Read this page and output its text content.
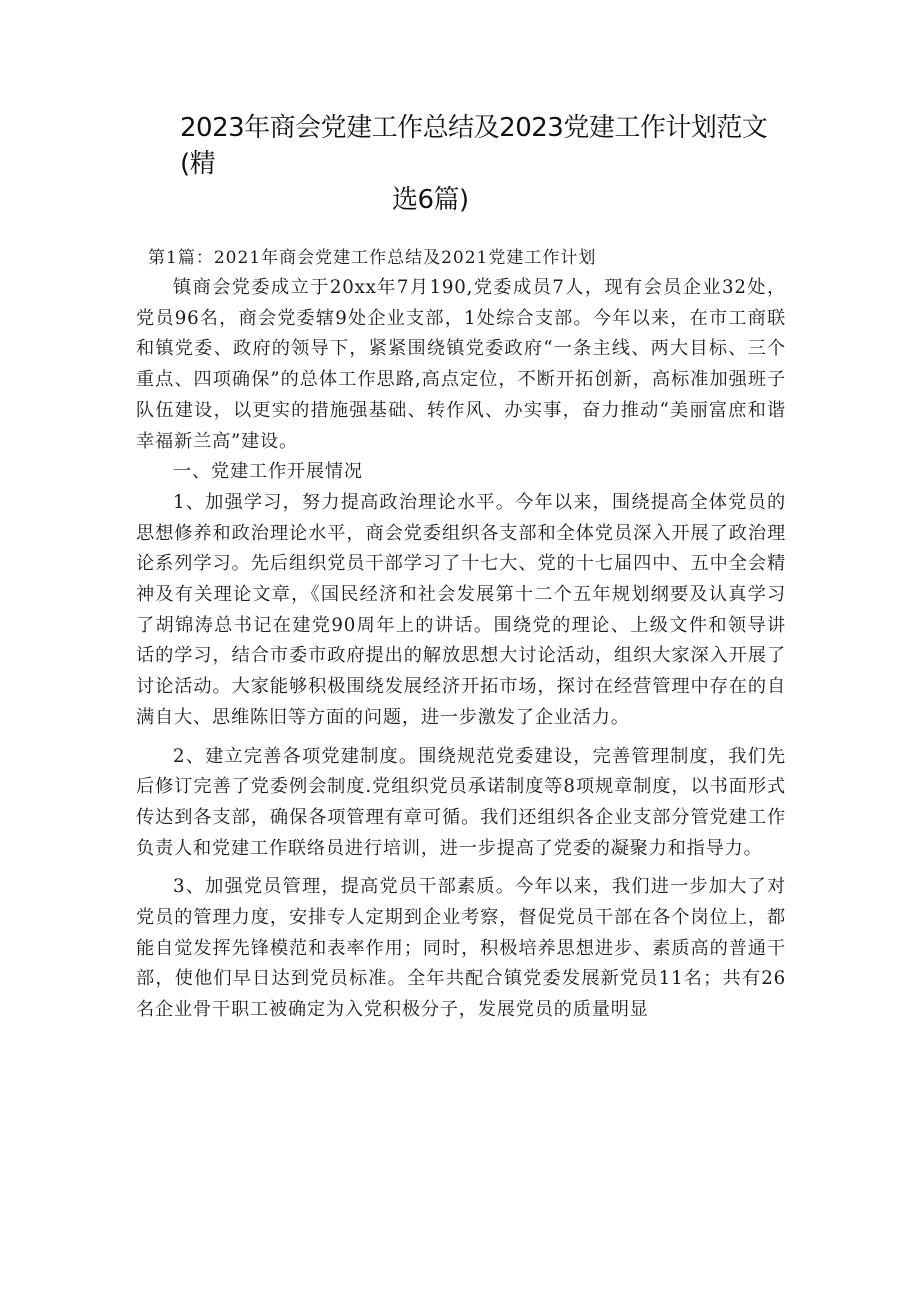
2023年商会党建工作总结及2023党建工作计划范文(精
选6篇)

第1篇：2021年商会党建工作总结及2021党建工作计划

镇商会党委成立于20xx年7月190,党委成员7人，现有会员企业32处，党员96名，商会党委辖9处企业支部，1处综合支部。今年以来，在市工商联和镇党委、政府的领导下，紧紧围绕镇党委政府“一条主线、两大目标、三个重点、四项确保”的总体工作思路,高点定位，不断开拓创新，高标准加强班子队伍建设，以更实的措施强基础、转作风、办实事，奋力推动“美丽富庶和谐幸福新兰高”建设。

一、党建工作开展情况

1、加强学习，努力提高政治理论水平。今年以来，围绕提高全体党员的思想修养和政治理论水平，商会党委组织各支部和全体党员深入开展了政治理论系列学习。先后组织党员干部学习了十七大、党的十七届四中、五中全会精神及有关理论文章，《国民经济和社会发展第十二个五年规划纲要及认真学习了胡锦涛总书记在建党90周年上的讲话。围绕党的理论、上级文件和领导讲话的学习，结合市委市政府提出的解放思想大讨论活动，组织大家深入开展了讨论活动。大家能够积极围绕发展经济开拓市场，探讨在经营管理中存在的自满自大、思维陈旧等方面的问题，进一步激发了企业活力。

2、建立完善各项党建制度。围绕规范党委建设，完善管理制度，我们先后修订完善了党委例会制度.党组织党员承诺制度等8项规章制度，以书面形式传达到各支部，确保各项管理有章可循。我们还组织各企业支部分管党建工作负责人和党建工作联络员进行培训，进一步提高了党委的凝聚力和指导力。

3、加强党员管理，提高党员干部素质。今年以来，我们进一步加大了对党员的管理力度，安排专人定期到企业考察，督促党员干部在各个岗位上，都能自觉发挥先锋模范和表率作用；同时，积极培养思想进步、素质高的普通干部，使他们早日达到党员标准。全年共配合镇党委发展新党员11名；共有26名企业骨干职工被确定为入党积极分子，发展党员的质量明显
